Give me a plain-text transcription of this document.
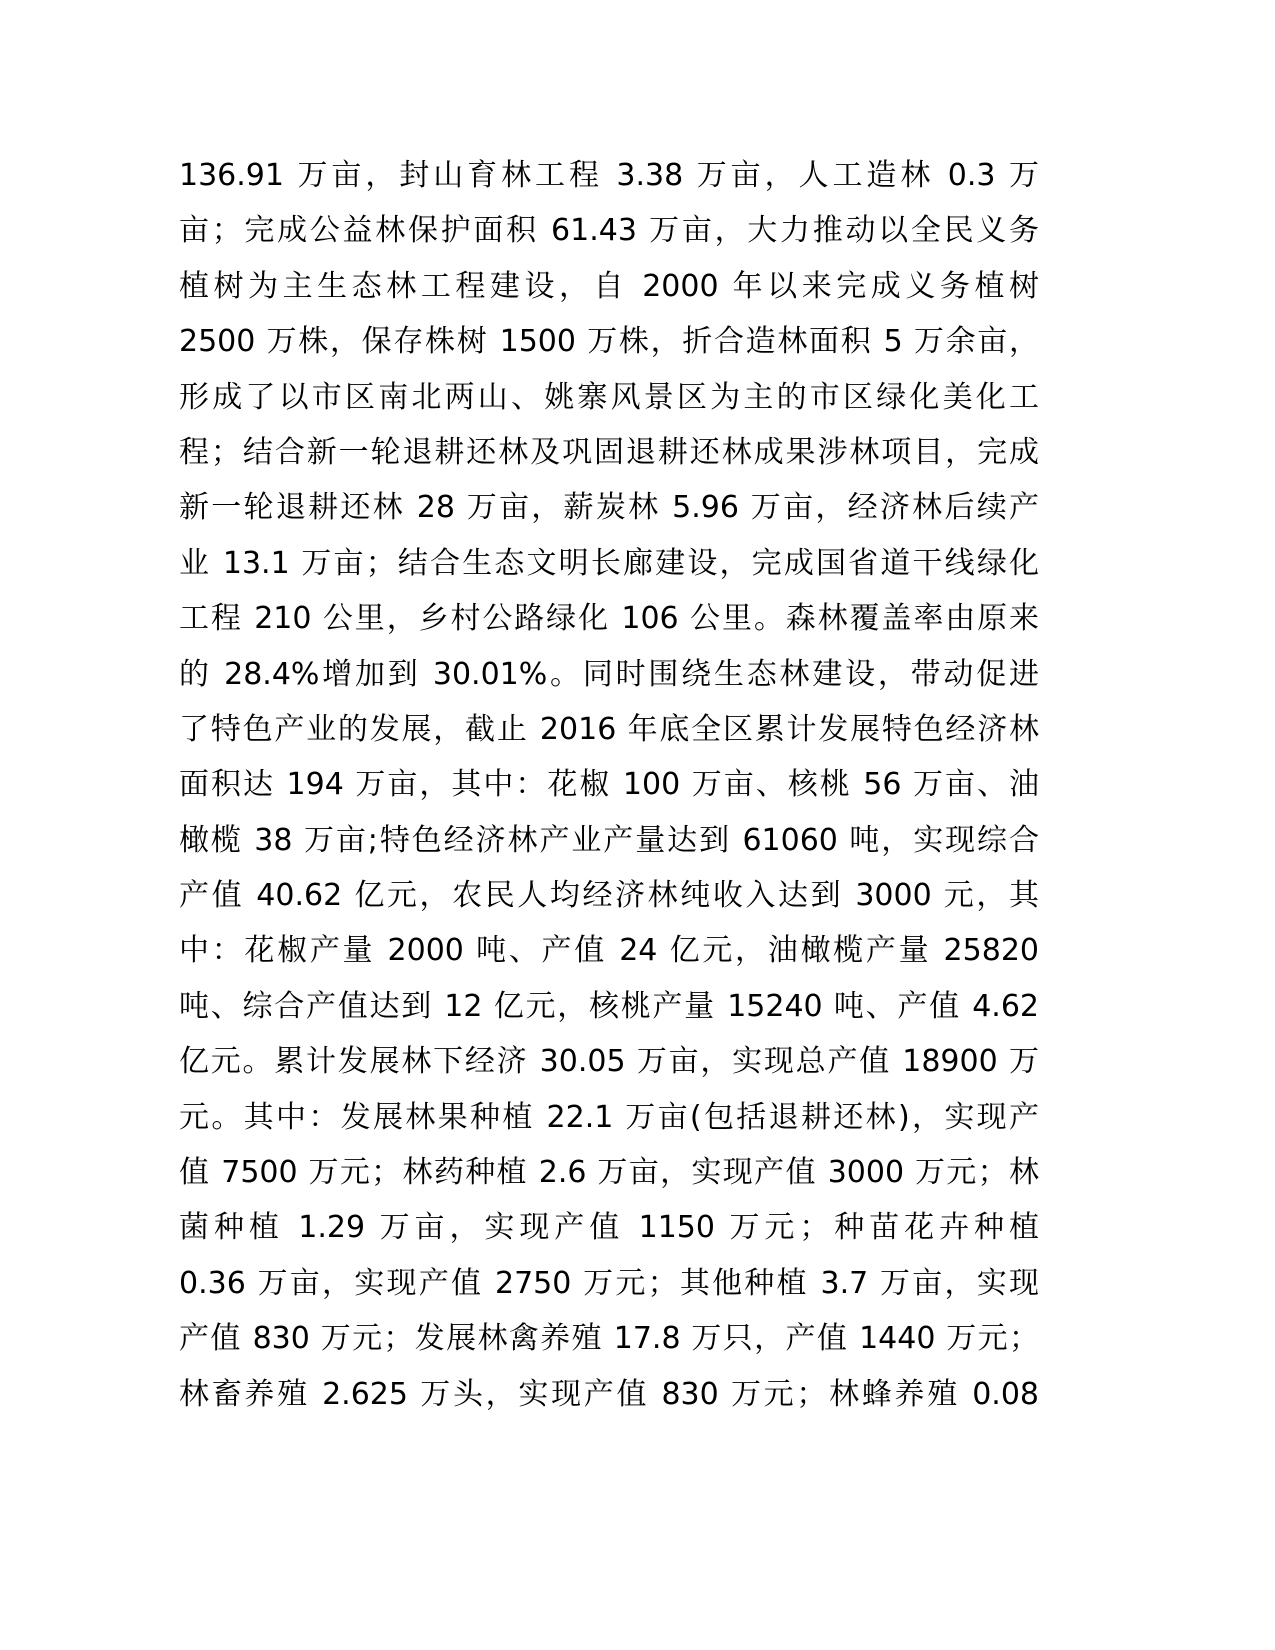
136.91 万亩，封山育林工程 3.38 万亩，人工造林 0.3 万
亩；完成公益林保护面积 61.43 万亩，大力推动以全民义务
植树为主生态林工程建设，自 2000 年以来完成义务植树
2500 万株，保存株树 1500 万株，折合造林面积 5 万余亩，
形成了以市区南北两山、姚寨风景区为主的市区绿化美化工
程；结合新一轮退耕还林及巩固退耕还林成果涉林项目，完成
新一轮退耕还林 28 万亩，薪炭林 5.96 万亩，经济林后续产
业 13.1 万亩；结合生态文明长廊建设，完成国省道干线绿化
工程 210 公里，乡村公路绿化 106 公里。森林覆盖率由原来
的 28.4%增加到 30.01%。同时围绕生态林建设，带动促进
了特色产业的发展，截止 2016 年底全区累计发展特色经济林
面积达 194 万亩，其中：花椒 100 万亩、核桃 56 万亩、油
橄榄 38 万亩;特色经济林产业产量达到 61060 吨，实现综合
产值 40.62 亿元，农民人均经济林纯收入达到 3000 元，其
中：花椒产量 2000 吨、产值 24 亿元，油橄榄产量 25820
吨、综合产值达到 12 亿元，核桃产量 15240 吨、产值 4.62
亿元。累计发展林下经济 30.05 万亩，实现总产值 18900 万
元。其中：发展林果种植 22.1 万亩(包括退耕还林)，实现产
值 7500 万元；林药种植 2.6 万亩，实现产值 3000 万元；林
菌种植 1.29 万亩，实现产值 1150 万元；种苗花卉种植
0.36 万亩，实现产值 2750 万元；其他种植 3.7 万亩，实现
产值 830 万元；发展林禽养殖 17.8 万只，产值 1440 万元；
林畜养殖 2.625 万头，实现产值 830 万元；林蜂养殖 0.08
